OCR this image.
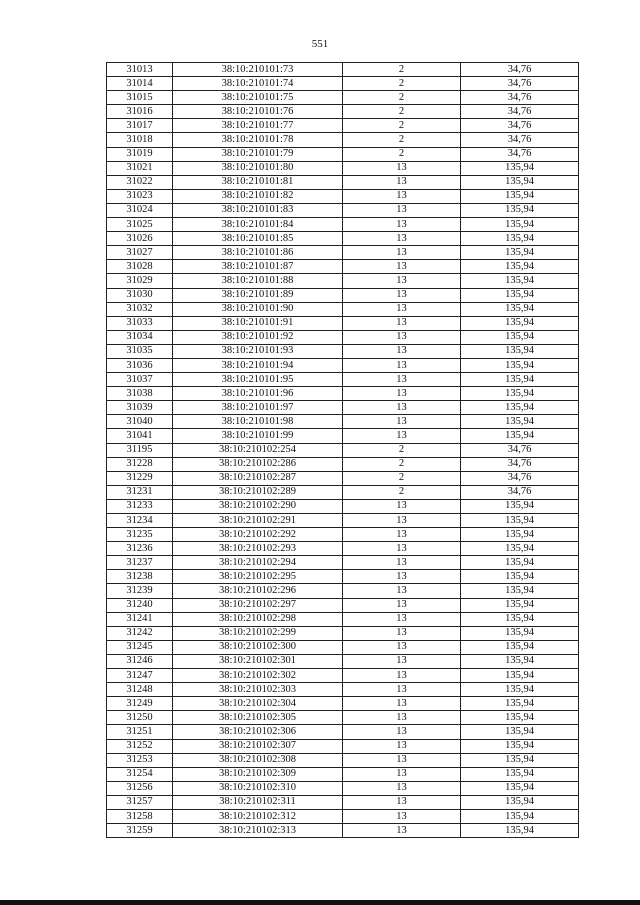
551
31013	38:10:210101:73	2	34,76
31014	38:10:210101:74	2	34,76
31015	38:10:210101:75	2	34,76
31016	38:10:210101:76	2	34,76
31017	38:10:210101:77	2	34,76
31018	38:10:210101:78	2	34,76
31019	38:10:210101:79	2	34,76
31021	38:10:210101:80	13	135,94
31022	38:10:210101:81	13	135,94
31023	38:10:210101:82	13	135,94
31024	38:10:210101:83	13	135,94
31025	38:10:210101:84	13	135,94
31026	38:10:210101:85	13	135,94
31027	38:10:210101:86	13	135,94
31028	38:10:210101:87	13	135,94
31029	38:10:210101:88	13	135,94
31030	38:10:210101:89	13	135,94
31032	38:10:210101:90	13	135,94
31033	38:10:210101:91	13	135,94
31034	38:10:210101:92	13	135,94
31035	38:10:210101:93	13	135,94
31036	38:10:210101:94	13	135,94
31037	38:10:210101:95	13	135,94
31038	38:10:210101:96	13	135,94
31039	38:10:210101:97	13	135,94
31040	38:10:210101:98	13	135,94
31041	38:10:210101:99	13	135,94
31195	38:10:210102:254	2	34,76
31228	38:10:210102:286	2	34,76
31229	38:10:210102:287	2	34,76
31231	38:10:210102:289	2	34,76
31233	38:10:210102:290	13	135,94
31234	38:10:210102:291	13	135,94
31235	38:10:210102:292	13	135,94
31236	38:10:210102:293	13	135,94
31237	38:10:210102:294	13	135,94
31238	38:10:210102:295	13	135,94
31239	38:10:210102:296	13	135,94
31240	38:10:210102:297	13	135,94
31241	38:10:210102:298	13	135,94
31242	38:10:210102:299	13	135,94
31245	38:10:210102:300	13	135,94
31246	38:10:210102:301	13	135,94
31247	38:10:210102:302	13	135,94
31248	38:10:210102:303	13	135,94
31249	38:10:210102:304	13	135,94
31250	38:10:210102:305	13	135,94
31251	38:10:210102:306	13	135,94
31252	38:10:210102:307	13	135,94
31253	38:10:210102:308	13	135,94
31254	38:10:210102:309	13	135,94
31256	38:10:210102:310	13	135,94
31257	38:10:210102:311	13	135,94
31258	38:10:210102:312	13	135,94
31259	38:10:210102:313	13	135,94
